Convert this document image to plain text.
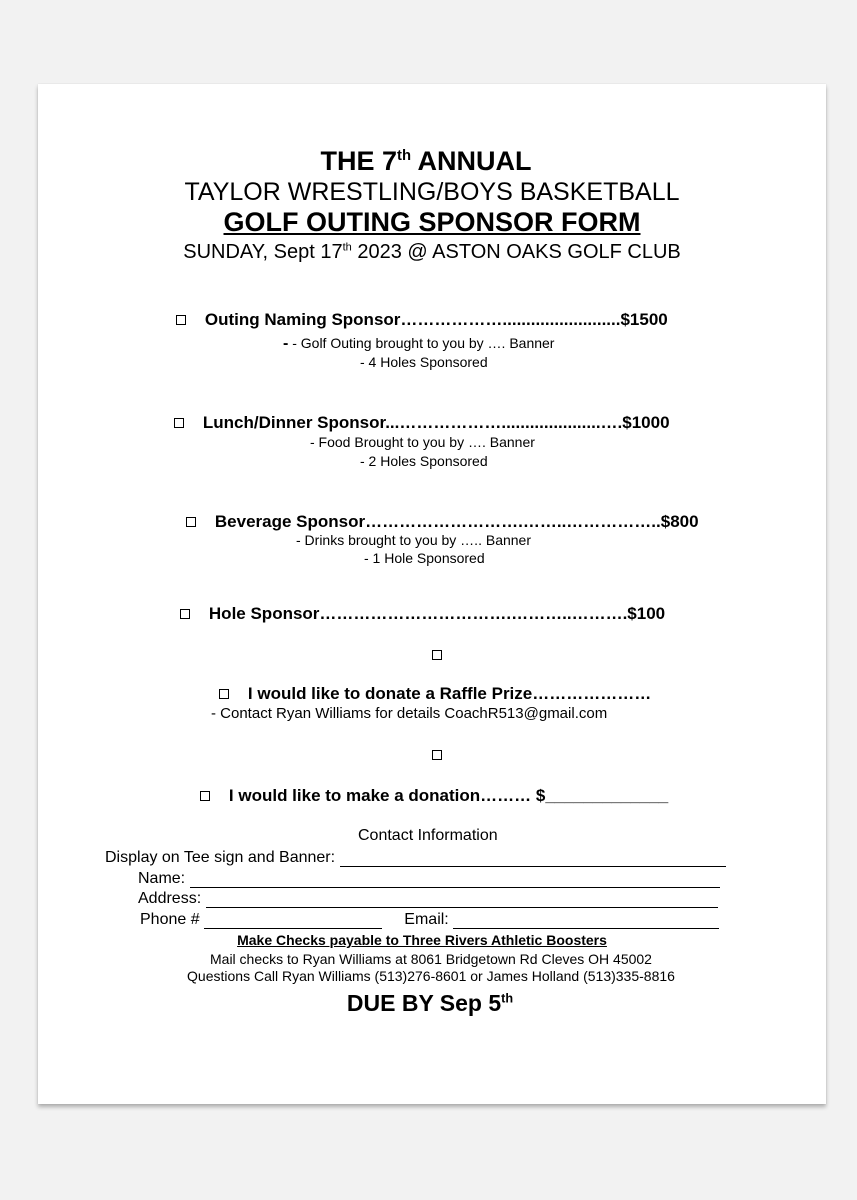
THE 7th ANNUAL
TAYLOR WRESTLING/BOYS BASKETBALL
GOLF OUTING SPONSOR FORM
SUNDAY, Sept 17th 2023 @ ASTON OAKS GOLF CLUB
Outing Naming Sponsor……………….........................$1500
- - Golf Outing brought to you by …. Banner
- 4 Holes Sponsored
Lunch/Dinner Sponsor...……………….....................….$1000
- Food Brought to you by …. Banner
- 2 Holes Sponsored
Beverage Sponsor……………………….……..……………..$800
- Drinks brought to you by ….. Banner
- 1 Hole Sponsored
Hole Sponsor…………………………….………..……….$100
I would like to donate a Raffle Prize…………………
- Contact Ryan Williams for details CoachR513@gmail.com
I would like to make a donation……… $_____________
Contact Information
Display on Tee sign and Banner:
Name:
Address:
Phone #	Email:
Make Checks payable to Three Rivers Athletic Boosters
Mail checks to Ryan Williams at 8061 Bridgetown Rd Cleves OH 45002
Questions Call Ryan Williams (513)276-8601 or James Holland (513)335-8816
DUE BY Sep 5th
